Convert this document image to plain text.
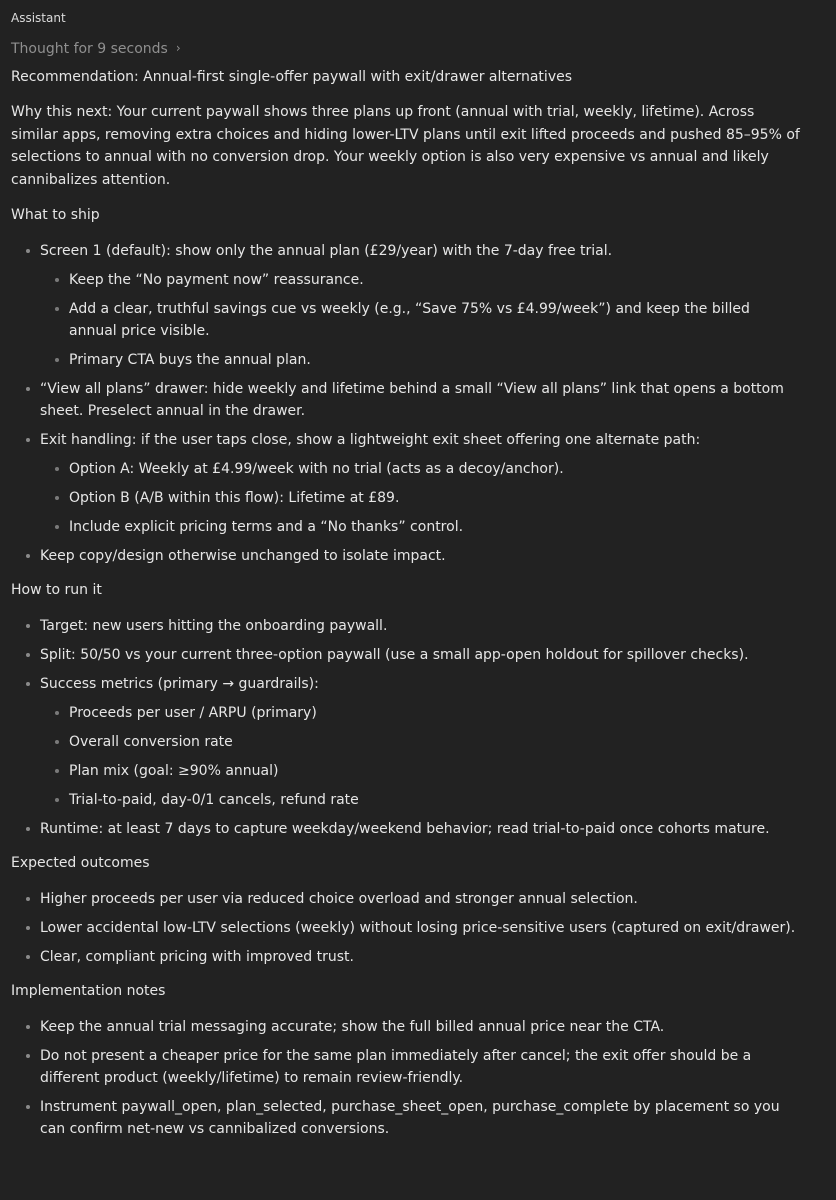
Assistant
Thought for 9 seconds ›

Recommendation: Annual-first single-offer paywall with exit/drawer alternatives

Why this next: Your current paywall shows three plans up front (annual with trial, weekly, lifetime). Across similar apps, removing extra choices and hiding lower-LTV plans until exit lifted proceeds and pushed 85–95% of selections to annual with no conversion drop. Your weekly option is also very expensive vs annual and likely cannibalizes attention.

What to ship

Screen 1 (default): show only the annual plan (£29/year) with the 7-day free trial.
Keep the “No payment now” reassurance.
Add a clear, truthful savings cue vs weekly (e.g., “Save 75% vs £4.99/week”) and keep the billed annual price visible.
Primary CTA buys the annual plan.
“View all plans” drawer: hide weekly and lifetime behind a small “View all plans” link that opens a bottom sheet. Preselect annual in the drawer.
Exit handling: if the user taps close, show a lightweight exit sheet offering one alternate path:
Option A: Weekly at £4.99/week with no trial (acts as a decoy/anchor).
Option B (A/B within this flow): Lifetime at £89.
Include explicit pricing terms and a “No thanks” control.
Keep copy/design otherwise unchanged to isolate impact.

How to run it

Target: new users hitting the onboarding paywall.
Split: 50/50 vs your current three-option paywall (use a small app-open holdout for spillover checks).
Success metrics (primary → guardrails):
Proceeds per user / ARPU (primary)
Overall conversion rate
Plan mix (goal: ≥90% annual)
Trial-to-paid, day-0/1 cancels, refund rate
Runtime: at least 7 days to capture weekday/weekend behavior; read trial-to-paid once cohorts mature.

Expected outcomes

Higher proceeds per user via reduced choice overload and stronger annual selection.
Lower accidental low-LTV selections (weekly) without losing price-sensitive users (captured on exit/drawer).
Clear, compliant pricing with improved trust.

Implementation notes

Keep the annual trial messaging accurate; show the full billed annual price near the CTA.
Do not present a cheaper price for the same plan immediately after cancel; the exit offer should be a different product (weekly/lifetime) to remain review-friendly.
Instrument paywall_open, plan_selected, purchase_sheet_open, purchase_complete by placement so you can confirm net-new vs cannibalized conversions.
